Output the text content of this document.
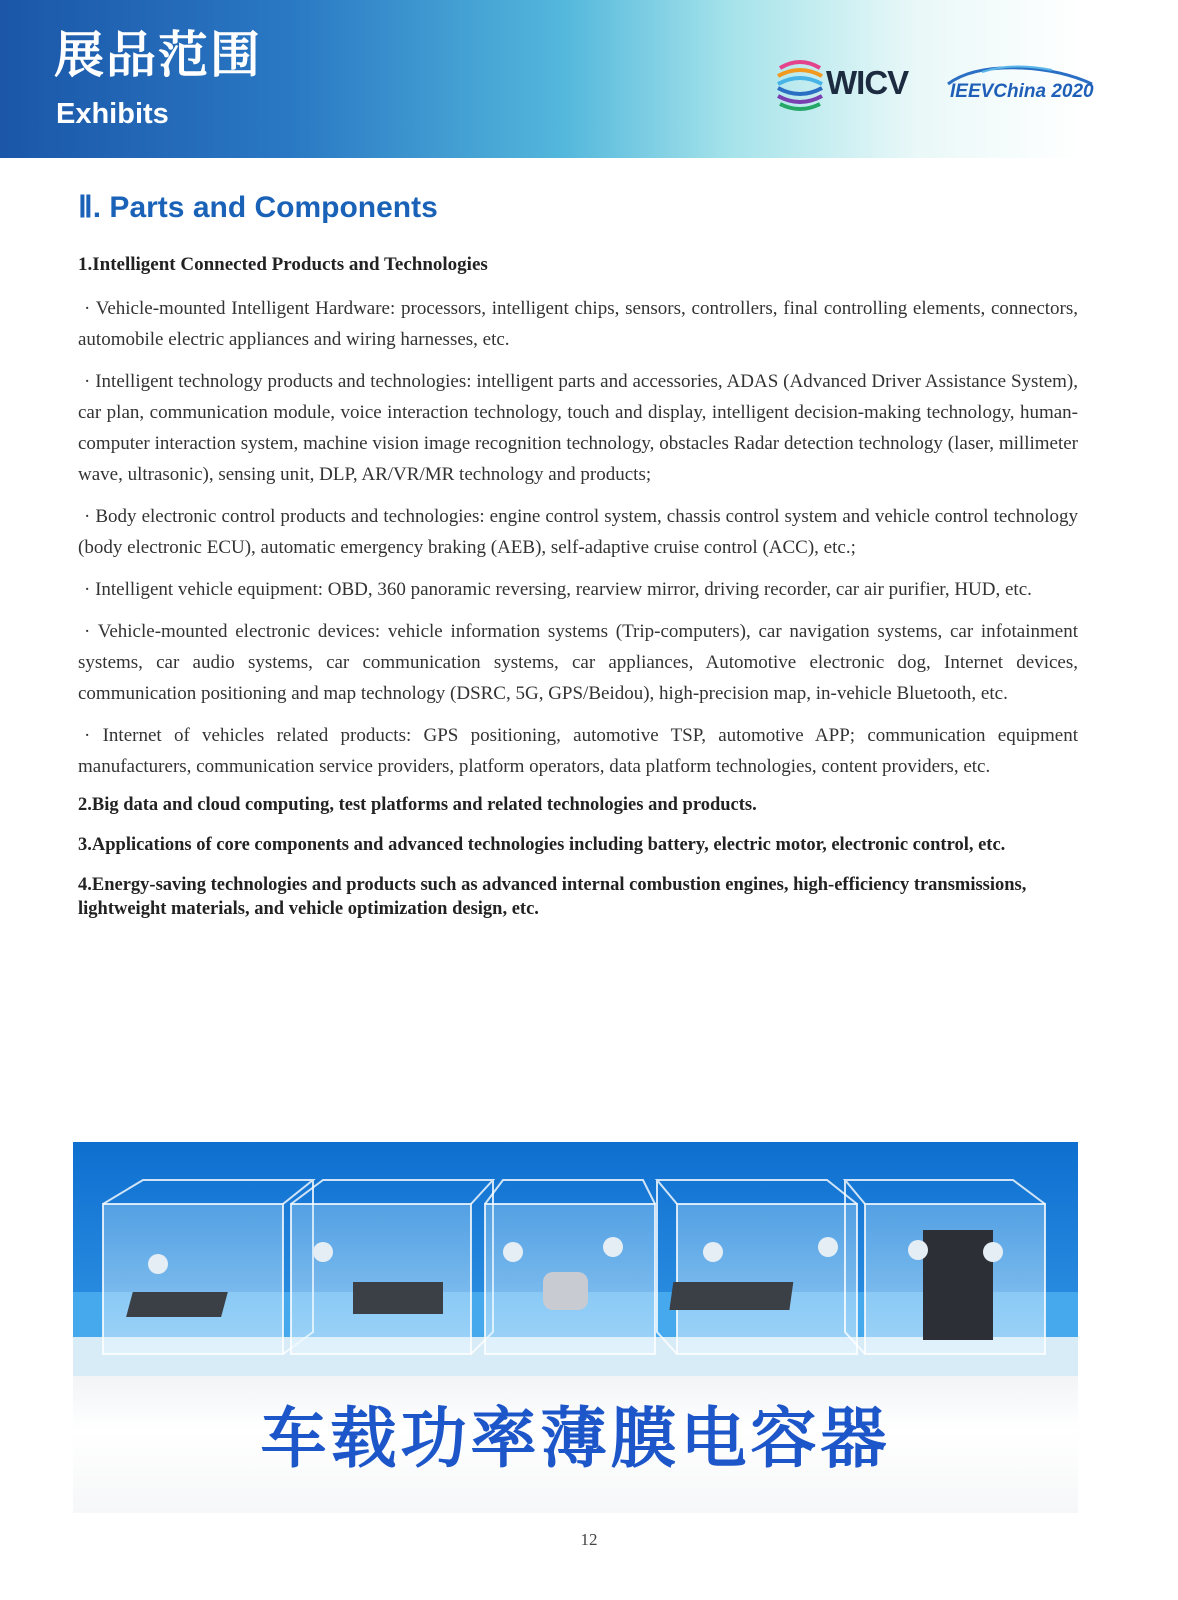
展品范围
Exhibits
WICV IEEVChina 2020
Ⅱ. Parts and Components

1.Intelligent Connected Products and Technologies

· Vehicle-mounted Intelligent Hardware: processors, intelligent chips, sensors, controllers, final controlling elements, connectors, automobile electric appliances and wiring harnesses, etc.

· Intelligent technology products and technologies: intelligent parts and accessories, ADAS (Advanced Driver Assistance System), car plan, communication module, voice interaction technology, touch and display, intelligent decision-making technology, human-computer interaction system, machine vision image recognition technology, obstacles Radar detection technology (laser, millimeter wave, ultrasonic), sensing unit, DLP, AR/VR/MR technology and products;

· Body electronic control products and technologies: engine control system, chassis control system and vehicle control technology (body electronic ECU), automatic emergency braking (AEB), self-adaptive cruise control (ACC), etc.;

· Intelligent vehicle equipment: OBD, 360 panoramic reversing, rearview mirror, driving recorder, car air purifier, HUD, etc.

· Vehicle-mounted electronic devices: vehicle information systems (Trip-computers), car navigation systems, car infotainment systems, car audio systems, car communication systems, car appliances, Automotive electronic dog, Internet devices, communication positioning and map technology (DSRC, 5G, GPS/Beidou), high-precision map, in-vehicle Bluetooth, etc.

· Internet of vehicles related products: GPS positioning, automotive TSP, automotive APP; communication equipment manufacturers, communication service providers, platform operators, data platform technologies, content providers, etc.

2.Big data and cloud computing, test platforms and related technologies and products.

3.Applications of core components and advanced technologies including battery, electric motor, electronic control, etc.

4.Energy-saving technologies and products such as advanced internal combustion engines, high-efficiency transmissions, lightweight materials, and vehicle optimization design, etc.

车载功率薄膜电容器
12
